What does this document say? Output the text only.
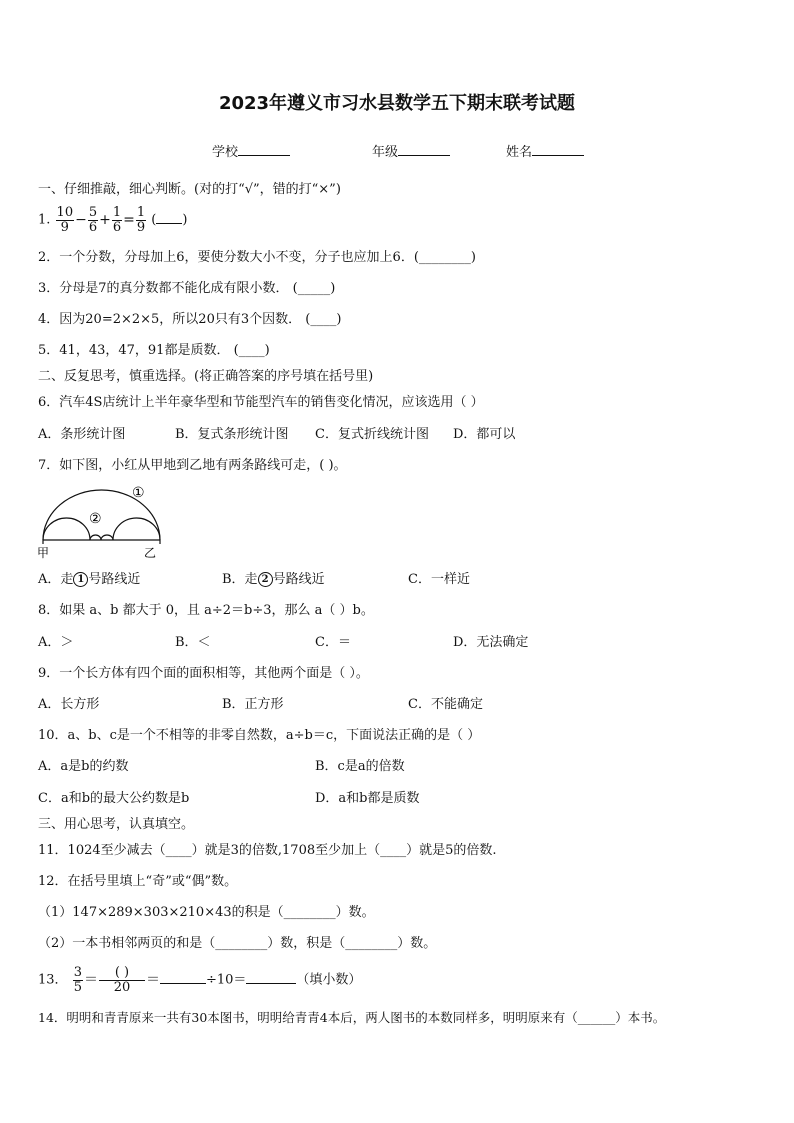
2023年遵义市习水县数学五下期末联考试题
学校	年级	姓名
一、仔细推敲，细心判断。(对的打“√”，错的打“×”)
1. $\frac{10}{9} - \frac{5}{6} + \frac{1}{6} = \frac{1}{9}$ ( )
2．一个分数，分母加上6，要使分数大小不变，分子也应加上6．(________)
3．分母是7的真分数都不能化成有限小数． (_____)
4．因为20=2×2×5，所以20只有3个因数． (____)
5．41，43，47，91都是质数． (____)
二、反复思考，慎重选择。(将正确答案的序号填在括号里)
6．汽车4S店统计上半年豪华型和节能型汽车的销售变化情况，应该选用（ ）
A．条形统计图	B．复式条形统计图 C．复式折线统计图 D．都可以
7．如下图，小红从甲地到乙地有两条路线可走，( )。
①
②
甲	乙
A．走 1 号路线近	B．走 2 号路线近	C．一样近
8．如果 a、b 都大于 0，且 a÷2＝b÷3，那么 a（ ）b。
A．＞	B．＜	C．＝	D．无法确定
9．一个长方体有四个面的面积相等，其他两个面是（ ）。
A．长方形	B．正方形	C．不能确定
10．a、b、c是一个不相等的非零自然数，a÷b＝c，下面说法正确的是（ ）
A．a是b的约数	B．c是a的倍数
C．a和b的最大公约数是b	D．a和b都是质数
三、用心思考，认真填空。
11．1024至少减去（____）就是3的倍数,1708至少加上（____）就是5的倍数.
12．在括号里填上“奇”或“偶”数。
（1）147×289×303×210×43的积是（________）数。
（2）一本书相邻两页的和是（________）数，积是（________）数。
13． $\frac{3}{5} = \frac{( )}{20}$ ＝	÷10＝	（填小数）
14．明明和青青原来一共有30本图书，明明给青青4本后，两人图书的本数同样多，明明原来有（______）本书。
